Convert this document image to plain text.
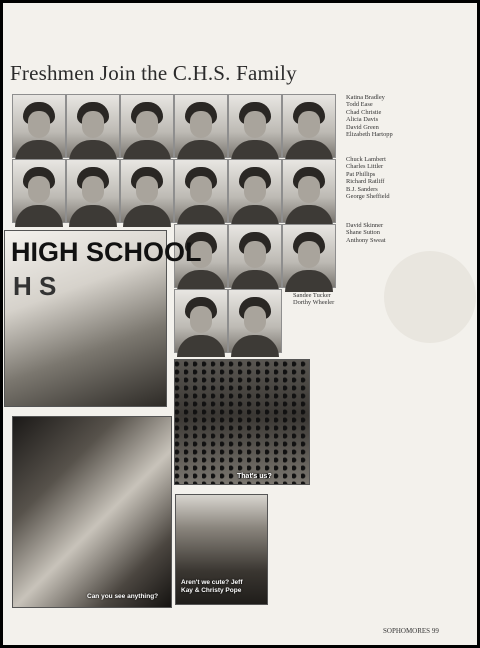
Freshmen Join the C.H.S. Family
Katina Bradley
Todd Ease
Chad Christie
Alicia Davis
David Green
Elizabeth Hartopp
Chuck Lambert
Charles Littler
Pat Phillips
Richard Ratliff
B.J. Sanders
George Sheffield
David Skinner
Shane Sutton
Anthony Sweat
Sandee Tucker
Dorthy Wheeler
HIGH SCHOOL
H S
That's us?
Can you see anything?
Aren't we cute? Jeff
Kay & Christy Pope
SOPHOMORES 99
